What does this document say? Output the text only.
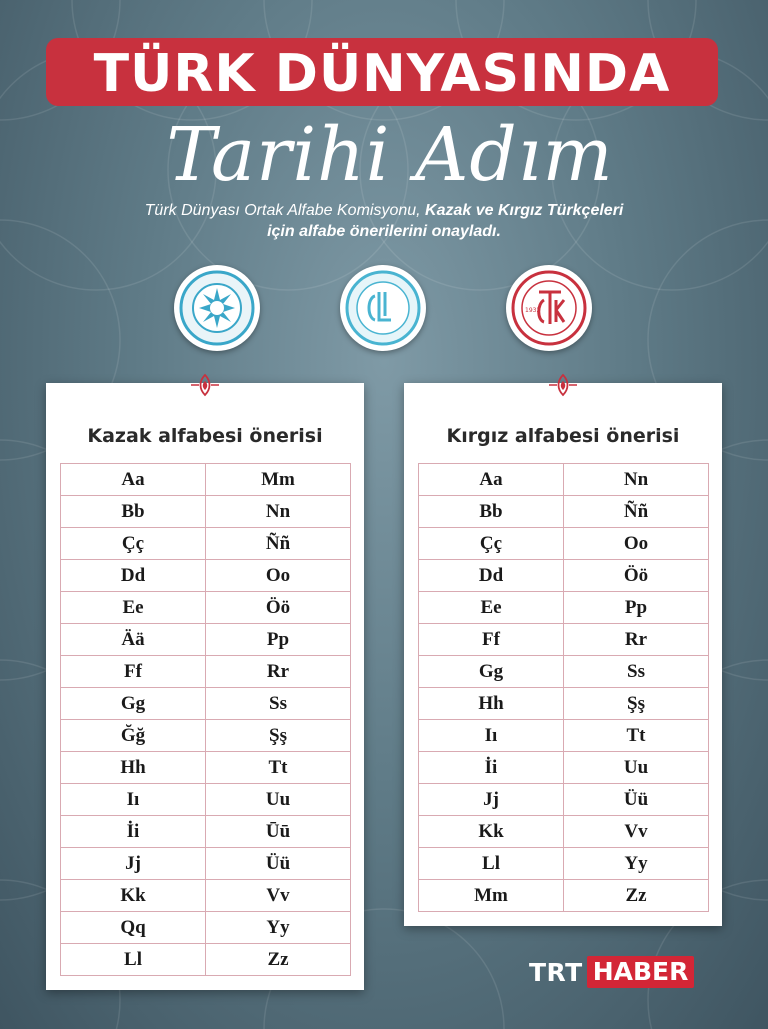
TÜRK DÜNYASINDA
Tarihi Adım
Türk Dünyası Ortak Alfabe Komisyonu, Kazak ve Kırgız Türkçeleri
için alfabe önerilerini onayladı.
1932
Kazak alfabesi önerisi
Aa	Mm
Bb	Nn
Çç	Ññ
Dd	Oo
Ee	Öö
Ää	Pp
Ff	Rr
Gg	Ss
Ğğ	Şş
Hh	Tt
Iı	Uu
İi	Ūū
Jj	Üü
Kk	Vv
Qq	Yy
Ll	Zz
Kırgız alfabesi önerisi
Aa	Nn
Bb	Ññ
Çç	Oo
Dd	Öö
Ee	Pp
Ff	Rr
Gg	Ss
Hh	Şş
Iı	Tt
İi	Uu
Jj	Üü
Kk	Vv
Ll	Yy
Mm	Zz
TRT HABER
